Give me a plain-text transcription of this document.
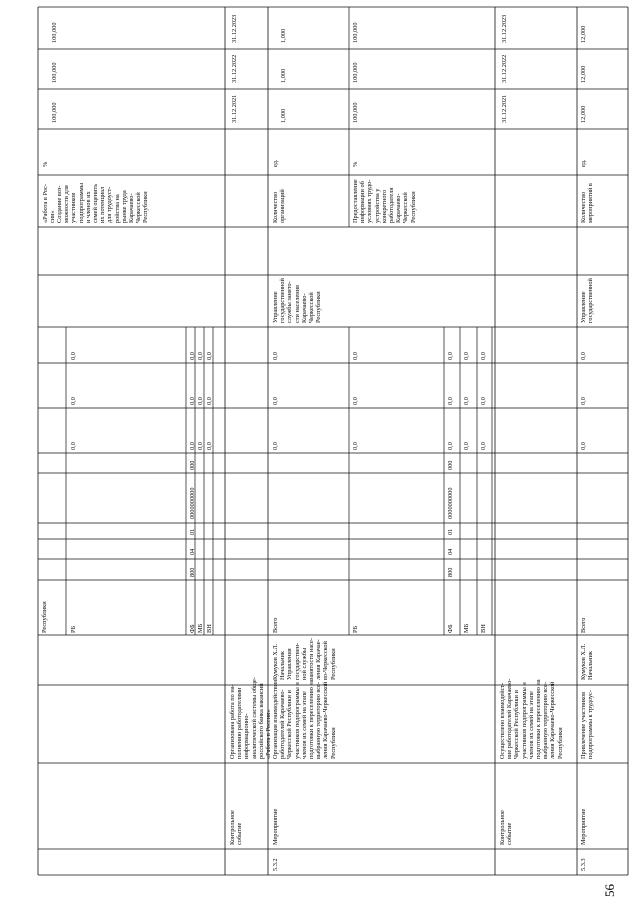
56
Республики
«Работа в Рос-
сии» Создание воз-
можности для
участников
подпрограммы
и членов их
семей оценить
их потенциал
для трудоуст-
ройства на
рынке труда
Карачаево-
Черкесской
Республики
%
100,000
100,000
100,000
РБ
0,0
0,0
0,0
ФБ МБ ВН
800
04
01
0000000000
000
0,0 0,0 0,0
0,0 0,0 0,0
0,0 0,0 0,0
Контрольное
событие
Организована работа по на-
полнению работодателями
информационно-
аналитической системы обще-
российского банка вакансий
«Работа в России»
31.12.2021
31.12.2022
31.12.2023
5.3.2
Мероприятие
Организация взаимодействия
работодателей Карачаево-
Черкесской Республики и
участников подпрограммы и
членов их семей на этапе
подготовки к переселению на
выбранную территорию все-
ления Карачаево-Черкесской
Республики
Кумуков Х.Л.
Начальник
Управления
государствен-
ной службы
занятости насе-
ления Карачае-
во-Черкесской
Республики
Всего
0,0
0,0
0,0
Управление
государственной
службы занято-
сти населения
Карачаево-
Черкесской
Республики
Количество
организаций
ед.
1,000
1,000
1,000
РБ
0,0
0,0
0,0
Предоставление
информации об
условиях трудо-
устройства у
конкретного
работодателя
Карачаево-
Черкесской
Республики
%
100,000
100,000
100,000
ФБ МБ ВН
800
04
01
0000000000
000
0,0 0,0 0,0
0,0 0,0 0,0
0,0 0,0 0,0
Контрольное
событие
Осуществлено взаимодейст-
вие работодателей Карачаево-
Черкесской Республики и
участников подпрограммы и
членов их семей на этапе
подготовки к переселению на
выбранную территорию все-
ления Карачаево-Черкесской
Республики
31.12.2021
31.12.2022
31.12.2023
5.3.3
Мероприятие
Привлечение участников
подпрограммы к трудоус-
Кумуков Х.Л.
Начальник
Всего
0,0
0,0
0,0
Управление
государственной
Количество
мероприятий в
ед.
12,000
12,000
12,000
